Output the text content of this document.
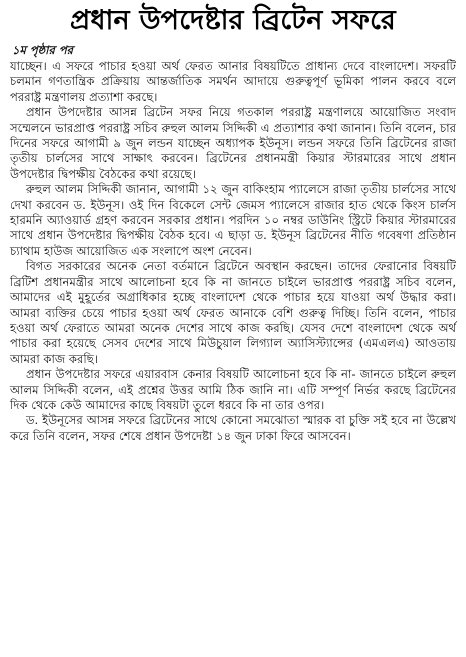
প্রধান উপদেষ্টার ব্রিটেন সফরে
১ম পৃষ্ঠার পর

যাচ্ছেন। এ সফরে পাচার হওয়া অর্থ ফেরত আনার বিষয়টিতে প্রাধান্য দেবে বাংলাদেশ। সফরটি চলমান গণতান্ত্রিক প্রক্রিয়ায় আন্তর্জাতিক সমর্থন আদায়ে গুরুত্বপূর্ণ ভূমিকা পালন করবে বলে পররাষ্ট্র মন্ত্রণালয় প্রত্যাশা করছে।

প্রধান উপদেষ্টার আসন্ন ব্রিটেন সফর নিয়ে গতকাল পররাষ্ট্র মন্ত্রণালয়ে আয়োজিত সংবাদ সম্মেলনে ভারপ্রাপ্ত পররাষ্ট্র সচিব রুহুল আলম সিদ্দিকী এ প্রত্যাশার কথা জানান। তিনি বলেন, চার দিনের সফরে আগামী ৯ জুন লন্ডন যাচ্ছেন অধ্যাপক ইউনূস। লন্ডন সফরে তিনি ব্রিটেনের রাজা তৃতীয় চার্লসের সাথে সাক্ষাৎ করবেন। ব্রিটেনের প্রধানমন্ত্রী কিয়ার স্টারমারের সাথে প্রধান উপদেষ্টার দ্বিপক্ষীয় বৈঠকের কথা রয়েছে।

রুহুল আলম সিদ্দিকী জানান, আগামী ১২ জুন বাকিংহাম প্যালেসে রাজা তৃতীয় চার্লসের সাথে দেখা করবেন ড. ইউনূস। ওই দিন বিকেলে সেন্ট জেমস প্যালেসে রাজার হাত থেকে কিংস চার্লস হারমনি অ্যাওয়ার্ড গ্রহণ করবেন সরকার প্রধান। পরদিন ১০ নম্বর ডাউনিং স্ট্রিটে কিয়ার স্টারমারের সাথে প্রধান উপদেষ্টার দ্বিপক্ষীয় বৈঠক হবে। এ ছাড়া ড. ইউনূস ব্রিটেনের নীতি গবেষণা প্রতিষ্ঠান চ্যাথাম হাউজ আয়োজিত এক সংলাপে অংশ নেবেন।

বিগত সরকারের অনেক নেতা বর্তমানে ব্রিটেনে অবস্থান করছেন। তাদের ফেরানোর বিষয়টি ব্রিটিশ প্রধানমন্ত্রীর সাথে আলোচনা হবে কি না জানতে চাইলে ভারপ্রাপ্ত পররাষ্ট্র সচিব বলেন, আমাদের এই মুহূর্তের অগ্রাধিকার হচ্ছে বাংলাদেশ থেকে পাচার হয়ে যাওয়া অর্থ উদ্ধার করা। আমরা ব্যক্তির চেয়ে পাচার হওয়া অর্থ ফেরত আনাকে বেশি গুরুত্ব দিচ্ছি। তিনি বলেন, পাচার হওয়া অর্থ ফেরাতে আমরা অনেক দেশের সাথে কাজ করছি। যেসব দেশে বাংলাদেশ থেকে অর্থ পাচার করা হয়েছে সেসব দেশের সাথে মিউচুয়াল লিগ্যাল অ্যাসিস্ট্যান্সের (এমএলএ) আওতায় আমরা কাজ করছি।

প্রধান উপদেষ্টার সফরে এয়ারবাস কেনার বিষয়টি আলোচনা হবে কি না- জানতে চাইলে রুহুল আলম সিদ্দিকী বলেন, এই প্রশ্নের উত্তর আমি ঠিক জানি না। এটি সম্পূর্ণ নির্ভর করছে ব্রিটেনের দিক থেকে কেউ আমাদের কাছে বিষয়টা তুলে ধরবে কি না তার ওপর।

ড. ইউনূসের আসন্ন সফরে ব্রিটেনের সাথে কোনো সমঝোতা স্মারক বা চুক্তি সই হবে না উল্লেখ করে তিনি বলেন, সফর শেষে প্রধান উপদেষ্টা ১৪ জুন ঢাকা ফিরে আসবেন।
